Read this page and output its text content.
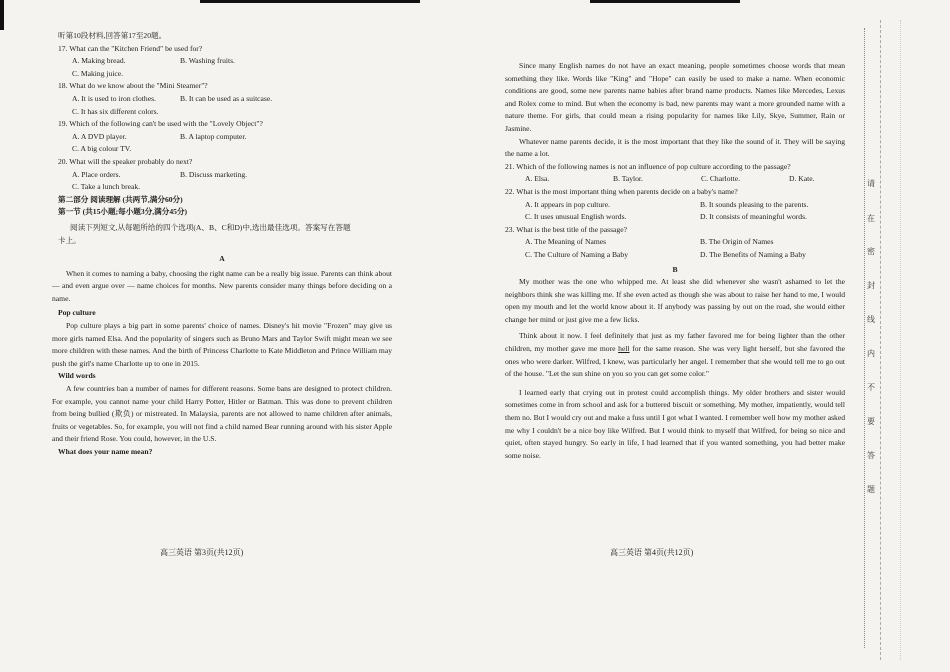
听第10段材料,回答第17至20题。
17. What can the "Kitchen Friend" be used for?
A. Making bread.	B. Washing fruits.
C. Making juice.
18. What do we know about the "Mini Steamer"?
A. It is used to iron clothes.	B. It can be used as a suitcase.
C. It has six different colors.
19. Which of the following can't be used with the "Lovely Object"?
A. A DVD player.	B. A laptop computer.
C. A big colour TV.
20. What will the speaker probably do next?
A. Place orders.	B. Discuss marketing.
C. Take a lunch break.
第二部分 阅读理解 (共两节,满分60分)
第一节 (共15小题;每小题3分,满分45分)
阅读下列短文,从每题所给的四个选项(A、B、C和D)中,选出最佳选项。答案写在答题
卡上。
A

When it comes to naming a baby, choosing the right name can be a really big issue. Parents can think about — and even argue over — name choices for months. New parents consider many things before deciding on a name.

Pop culture

Pop culture plays a big part in some parents' choice of names. Disney's hit movie "Frozen" may give us more girls named Elsa. And the popularity of singers such as Bruno Mars and Taylor Swift might mean we see more children with these names. And the birth of Princess Charlotte to Kate Middleton and Prince William may push the girl's name Charlotte up to one in 2015.

Wild words

A few countries ban a number of names for different reasons. Some bans are designed to protect children. For example, you cannot name your child Harry Potter, Hitler or Batman. This was done to prevent children from being bullied (欺负) or mistreated. In Malaysia, parents are not allowed to name children after animals, fruits or vegetables. So, for example, you will not find a child named Bear running around with his sister Apple and their friend Rose. You could, however, in the U.S.

What does your name mean?
高三英语 第3页(共12页)

Since many English names do not have an exact meaning, people sometimes choose words that mean something they like. Words like "King" and "Hope" can easily be used to make a name. When economic conditions are good, some new parents name babies after brand name products. Names like Mercedes, Lexus and Rolex come to mind. But when the economy is bad, new parents may want a more grounded name with a nature theme. For girls, that could mean a rising popularity for names like Lily, Skye, Summer, Rain or Jasmine.

Whatever name parents decide, it is the most important that they like the sound of it. They will be saying the name a lot.

21. Which of the following names is not an influence of pop culture according to the passage?
A. Elsa.	B. Taylor.	C. Charlotte.	D. Kate.
22. What is the most important thing when parents decide on a baby's name?
A. It appears in pop culture.	B. It sounds pleasing to the parents.
C. It uses unusual English words.	D. It consists of meaningful words.
23. What is the best title of the passage?
A. The Meaning of Names	B. The Origin of Names
C. The Culture of Naming a Baby	D. The Benefits of Naming a Baby
B

My mother was the one who whipped me. At least she did whenever she wasn't ashamed to let the neighbors think she was killing me. If she even acted as though she was about to raise her hand to me, I would open my mouth and let the world know about it. If anybody was passing by out on the road, she would either change her mind or just give me a few licks.

Think about it now. I feel definitely that just as my father favored me for being lighter than the other children, my mother gave me more hell for the same reason. She was very light herself, but she favored the ones who were darker. Wilfred, I knew, was particularly her angel. I remember that she would tell me to go out of the house. "Let the sun shine on you so you can get some color."

I learned early that crying out in protest could accomplish things. My older brothers and sister would sometimes come in from school and ask for a buttered biscuit or something. My mother, impatiently, would tell them no. But I would cry out and make a fuss until I got what I wanted. I remember well how my mother asked me why I couldn't be a nice boy like Wilfred. But I would think to myself that Wilfred, for being so nice and quiet, often stayed hungry. So early in life, I had learned that if you wanted something, you had better make some noise.

高三英语 第4页(共12页)
请
在
密
封
线
内
不
要
答
题
